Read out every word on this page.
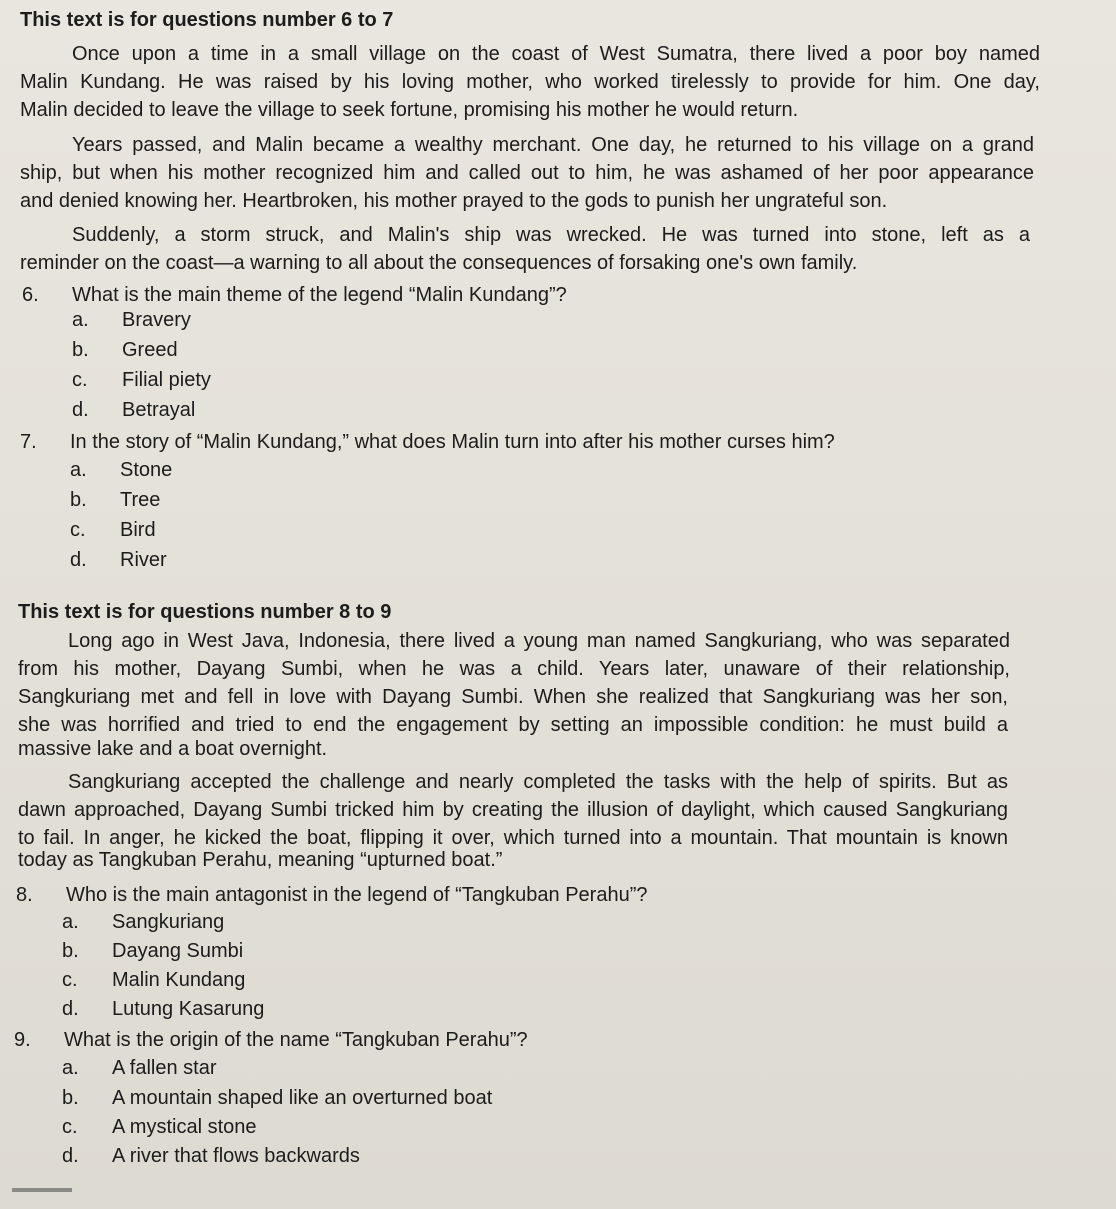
This text is for questions number 6 to 7
Once upon a time in a small village on the coast of West Sumatra, there lived a poor boy named
Malin Kundang. He was raised by his loving mother, who worked tirelessly to provide for him. One day,
Malin decided to leave the village to seek fortune, promising his mother he would return.
Years passed, and Malin became a wealthy merchant. One day, he returned to his village on a grand
ship, but when his mother recognized him and called out to him, he was ashamed of her poor appearance
and denied knowing her. Heartbroken, his mother prayed to the gods to punish her ungrateful son.
Suddenly, a storm struck, and Malin's ship was wrecked. He was turned into stone, left as a
reminder on the coast—a warning to all about the consequences of forsaking one's own family.
6. What is the main theme of the legend “Malin Kundang”?
a. Bravery
b. Greed
c. Filial piety
d. Betrayal
7. In the story of “Malin Kundang,” what does Malin turn into after his mother curses him?
a. Stone
b. Tree
c. Bird
d. River
This text is for questions number 8 to 9
Long ago in West Java, Indonesia, there lived a young man named Sangkuriang, who was separated
from his mother, Dayang Sumbi, when he was a child. Years later, unaware of their relationship,
Sangkuriang met and fell in love with Dayang Sumbi. When she realized that Sangkuriang was her son,
she was horrified and tried to end the engagement by setting an impossible condition: he must build a
massive lake and a boat overnight.
Sangkuriang accepted the challenge and nearly completed the tasks with the help of spirits. But as
dawn approached, Dayang Sumbi tricked him by creating the illusion of daylight, which caused Sangkuriang
to fail. In anger, he kicked the boat, flipping it over, which turned into a mountain. That mountain is known
today as Tangkuban Perahu, meaning “upturned boat.”
8. Who is the main antagonist in the legend of “Tangkuban Perahu”?
a. Sangkuriang
b. Dayang Sumbi
c. Malin Kundang
d. Lutung Kasarung
9. What is the origin of the name “Tangkuban Perahu”?
a. A fallen star
b. A mountain shaped like an overturned boat
c. A mystical stone
d. A river that flows backwards
